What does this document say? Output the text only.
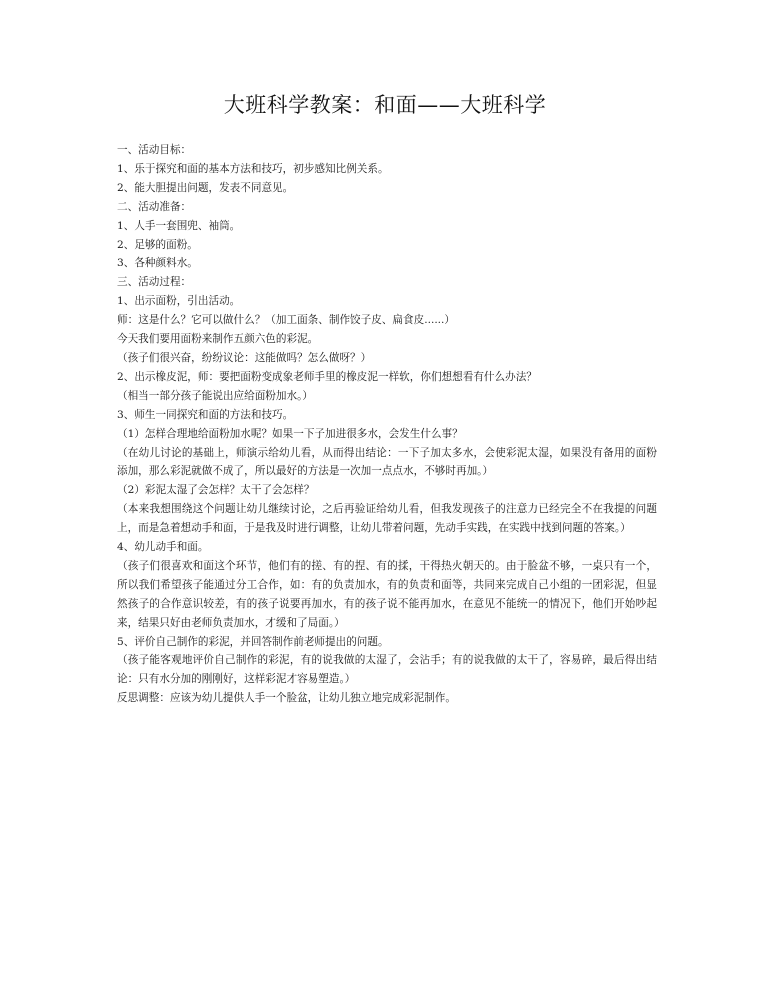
大班科学教案：和面——大班科学

一、活动目标：

1、乐于探究和面的基本方法和技巧，初步感知比例关系。

2、能大胆提出问题，发表不同意见。

二、活动准备：

1、人手一套围兜、袖筒。

2、足够的面粉。

3、各种颜料水。

三、活动过程：

1、出示面粉，引出活动。

师：这是什么？它可以做什么？（加工面条、制作饺子皮、扁食皮......）

今天我们要用面粉来制作五颜六色的彩泥。

（孩子们很兴奋，纷纷议论：这能做吗？怎么做呀？）

2、出示橡皮泥，师：要把面粉变成象老师手里的橡皮泥一样软，你们想想看有什么办法？

（相当一部分孩子能说出应给面粉加水。）

3、师生一同探究和面的方法和技巧。

（1）怎样合理地给面粉加水呢？如果一下子加进很多水，会发生什么事？

（在幼儿讨论的基础上，师演示给幼儿看，从而得出结论：一下子加太多水，会使彩泥太湿，如果没有备用的面粉添加，那么彩泥就做不成了，所以最好的方法是一次加一点点水，不够时再加。）

（2）彩泥太湿了会怎样？太干了会怎样？

（本来我想围绕这个问题让幼儿继续讨论，之后再验证给幼儿看，但我发现孩子的注意力已经完全不在我提的问题上，而是急着想动手和面，于是我及时进行调整，让幼儿带着问题，先动手实践，在实践中找到问题的答案。）

4、幼儿动手和面。

（孩子们很喜欢和面这个环节，他们有的搓、有的捏、有的揉，干得热火朝天的。由于脸盆不够，一桌只有一个，所以我们希望孩子能通过分工合作，如：有的负责加水，有的负责和面等，共同来完成自己小组的一团彩泥，但显然孩子的合作意识较差，有的孩子说要再加水，有的孩子说不能再加水，在意见不能统一的情况下，他们开始吵起来，结果只好由老师负责加水，才缓和了局面。）

5、评价自己制作的彩泥，并回答制作前老师提出的问题。

（孩子能客观地评价自己制作的彩泥，有的说我做的太湿了，会沾手；有的说我做的太干了，容易碎，最后得出结论：只有水分加的刚刚好，这样彩泥才容易塑造。）

反思调整：应该为幼儿提供人手一个脸盆，让幼儿独立地完成彩泥制作。
